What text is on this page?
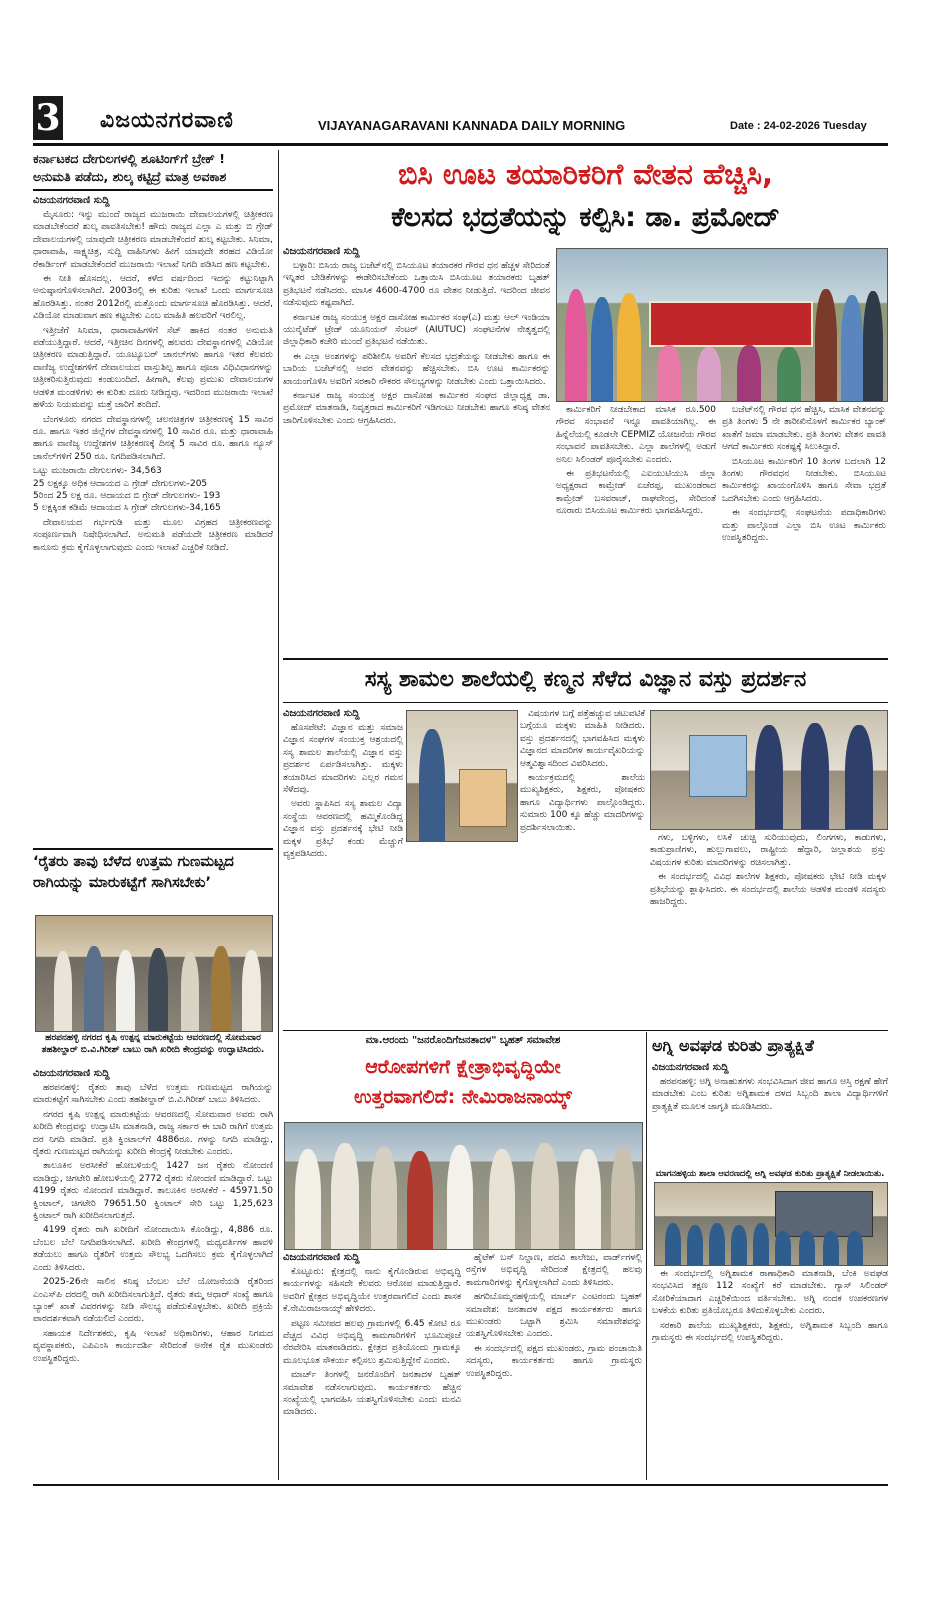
3 ವಿಜಯನಗರವಾಣಿ	VIJAYANAGARAVANI KANNADA DAILY MORNING	Date : 24-02-2026 Tuesday
ಕರ್ನಾಟಕದ ದೇಗುಲಗಳಲ್ಲಿ ಶೂಟಿಂಗ್‌ಗೆ ಬ್ರೇಕ್ !
ಅನುಮತಿ ಪಡೆದು, ಶುಲ್ಕ ಕಟ್ಟಿದ್ರೆ ಮಾತ್ರ ಅವಕಾಶ
ವಿಜಯನಗರವಾಣಿ ಸುದ್ದಿ

ಮೈಸೂರು: ಇನ್ನು ಮುಂದೆ ರಾಜ್ಯದ ಮುಜರಾಯಿ ದೇವಾಲಯಗಳಲ್ಲಿ ಚಿತ್ರೀಕರಣ ಮಾಡಬೇಕೆಂದರೆ ಶುಲ್ಕ ಪಾವತಿಸಬೇಕು! ಹೌದು ರಾಜ್ಯದ ಎಲ್ಲಾ ಎ ಮತ್ತು ಬಿ ಗ್ರೇಡ್ ದೇವಾಲಯಗಳಲ್ಲಿ ಯಾವುದೇ ಚಿತ್ರೀಕರಣ ಮಾಡಬೇಕೆಂದರೆ ಶುಲ್ಕ ಕಟ್ಟಬೇಕು. ಸಿನಿಮಾ, ಧಾರಾವಾಹಿ, ಸಾಕ್ಷ್ಯಚಿತ್ರ, ಸುದ್ದಿ ವಾಹಿನಿಗಳು ಹೀಗೆ ಯಾವುದೇ ತರಹದ ವಿಡಿಯೋ ರೆಕಾರ್ಡಿಂಗ್ ಮಾಡಬೇಕೆಂದರೆ ಮುಜರಾಯಿ ಇಲಾಖೆ ನಿಗದಿ ಪಡಿಸಿದ ಹಣ ಕಟ್ಟಬೇಕು.

ಈ ನೀತಿ ಹೊಸದಲ್ಲ. ಆದರೆ, ಕಳೆದ ವರ್ಷದಿಂದ ಇದನ್ನು ಕಟ್ಟುನಿಟ್ಟಾಗಿ ಅನುಷ್ಠಾನಗೊಳಿಸಲಾಗಿದೆ. 2003ರಲ್ಲಿ ಈ ಕುರಿತು ಇಲಾಖೆ ಒಂದು ಮಾರ್ಗಸೂಚಿ ಹೊರಡಿಸಿತ್ತು. ನಂತರ 2012ರಲ್ಲಿ ಮತ್ತೊಂದು ಮಾರ್ಗಸೂಚಿ ಹೊರಡಿಸಿತ್ತು. ಆದರೆ, ವಿಡಿಯೋ ಮಾಡುವಾಗ ಹಣ ಕಟ್ಟಬೇಕು ಎಂಬ ಮಾಹಿತಿ ಹಲವರಿಗೆ ಇರಲಿಲ್ಲ.

ಇತ್ತೀಚೆಗೆ ಸಿನಿಮಾ, ಧಾರಾವಾಹಿಗಳಿಗೆ ಸೆಟ್ ಹಾಕಿದ ನಂತರ ಅನುಮತಿ ಪಡೆಯುತ್ತಿದ್ದಾರೆ. ಆದರೆ, ಇತ್ತೀಚಿನ ದಿನಗಳಲ್ಲಿ ಹಲವರು ದೇವಸ್ಥಾನಗಳಲ್ಲಿ ವಿಡಿಯೋ ಚಿತ್ರೀಕರಣ ಮಾಡುತ್ತಿದ್ದಾರೆ. ಯೂಟ್ಯೂಬರ್ ಚಾನಲ್‌ಗಳು ಹಾಗೂ ಇತರ ಕೆಲವರು ವಾಣಿಜ್ಯ ಉದ್ದೇಶಗಳಿಗೆ ದೇವಾಲಯದ ವಾಸ್ತುಶಿಲ್ಪ ಹಾಗೂ ಪೂಜಾ ವಿಧಿವಿಧಾನಗಳನ್ನು ಚಿತ್ರೀಕರಿಸುತ್ತಿರುವುದು ಕಂಡುಬಂದಿದೆ. ಹೀಗಾಗಿ, ಕೆಲವು ಪ್ರಮುಖ ದೇವಾಲಯಗಳ ಆಡಳಿತ ಮಂಡಳಿಗಳು ಈ ಕುರಿತು ದೂರು ನೀಡಿದ್ದವು. ಇದರಿಂದ ಮುಜರಾಯಿ ಇಲಾಖೆ ಹಳೆಯ ನಿಯಮವನ್ನು ಮತ್ತೆ ಜಾರಿಗೆ ತಂದಿದೆ.

ಬೆಂಗಳೂರು ನಗರದ ದೇವಸ್ಥಾನಗಳಲ್ಲಿ ಚಲನಚಿತ್ರಗಳ ಚಿತ್ರೀಕರಣಕ್ಕೆ 15 ಸಾವಿರ ರೂ. ಹಾಗೂ ಇತರ ಜಿಲ್ಲೆಗಳ ದೇವಸ್ಥಾನಗಳಲ್ಲಿ 10 ಸಾವಿರ ರೂ. ಮತ್ತು ಧಾರಾವಾಹಿ ಹಾಗೂ ವಾಣಿಜ್ಯ ಉದ್ದೇಶಗಳ ಚಿತ್ರೀಕರಣಕ್ಕೆ ದಿನಕ್ಕೆ 5 ಸಾವಿರ ರೂ. ಹಾಗೂ ನ್ಯೂಸ್ ಚಾನೆಲ್‌ಗಳಿಗೆ 250 ರೂ. ನಿಗದಿಪಡಿಸಲಾಗಿದೆ.

ಒಟ್ಟು ಮುಜರಾಯಿ ದೇಗುಲಗಳು- 34,563

25 ಲಕ್ಷಕ್ಕೂ ಅಧಿಕ ಆದಾಯದ ಎ ಗ್ರೇಡ್ ದೇಗುಲಗಳು-205

5ರಿಂದ 25 ಲಕ್ಷ ರೂ. ಆದಾಯದ ಬಿ ಗ್ರೇಡ್ ದೇಗುಲಗಳು- 193

5 ಲಕ್ಷಕ್ಕಿಂತ ಕಡಿಮೆ ಆದಾಯದ ಸಿ ಗ್ರೇಡ್ ದೇಗುಲಗಳು-34,165

ದೇವಾಲಯದ ಗರ್ಭಗುಡಿ ಮತ್ತು ಮೂಲ ವಿಗ್ರಹದ ಚಿತ್ರೀಕರಣವನ್ನು ಸಂಪೂರ್ಣವಾಗಿ ನಿಷೇಧಿಸಲಾಗಿದೆ. ಅನುಮತಿ ಪಡೆಯದೇ ಚಿತ್ರೀಕರಣ ಮಾಡಿದರೆ ಕಾನೂನು ಕ್ರಮ ಕೈಗೊಳ್ಳಲಾಗುವುದು ಎಂದು ಇಲಾಖೆ ಎಚ್ಚರಿಕೆ ನೀಡಿದೆ.

‘ರೈತರು ತಾವು ಬೆಳೆದ ಉತ್ತಮ ಗುಣಮಟ್ಟದ ರಾಗಿಯನ್ನು ಮಾರುಕಟ್ಟೆಗೆ ಸಾಗಿಸಬೇಕು’
ಹರಪನಹಳ್ಳಿ ನಗರದ ಕೃಷಿ ಉತ್ಪನ್ನ ಮಾರುಕಟ್ಟೆಯ ಆವರಣದಲ್ಲಿ ಸೋಮವಾರ ತಹಶೀಲ್ದಾರ್ ಬಿ.ವಿ.ಗಿರೀಶ್ ಬಾಬು ರಾಗಿ ಖರೀದಿ ಕೇಂದ್ರವನ್ನು ಉದ್ಘಾಟಿಸಿದರು.
ವಿಜಯನಗರವಾಣಿ ಸುದ್ದಿ

ಹರಪನಹಳ್ಳಿ: ರೈತರು ತಾವು ಬೆಳೆದ ಉತ್ತಮ ಗುಣಮಟ್ಟದ ರಾಗಿಯನ್ನು ಮಾರುಕಟ್ಟೆಗೆ ಸಾಗಿಸಬೇಕು ಎಂದು ತಹಶೀಲ್ದಾರ್ ಬಿ.ವಿ.ಗಿರೀಶ್ ಬಾಬು ತಿಳಿಸಿದರು.

ನಗರದ ಕೃಷಿ ಉತ್ಪನ್ನ ಮಾರುಕಟ್ಟೆಯ ಆವರಣದಲ್ಲಿ ಸೋಮವಾರ ಅವರು ರಾಗಿ ಖರೀದಿ ಕೇಂದ್ರವನ್ನು ಉದ್ಘಾಟಿಸಿ ಮಾತನಾಡಿ, ರಾಜ್ಯ ಸರ್ಕಾರ ಈ ಬಾರಿ ರಾಗಿಗೆ ಉತ್ತಮ ದರ ನಿಗದಿ ಮಾಡಿದೆ. ಪ್ರತಿ ಕ್ವಿಂಟಾಲ್‌ಗೆ 4886ರೂ. ಗಳನ್ನು ನಿಗದಿ ಮಾಡಿದ್ದು, ರೈತರು ಗುಣಮಟ್ಟದ ರಾಗಿಯನ್ನು ಖರೀದಿ ಕೇಂದ್ರಕ್ಕೆ ನೀಡಬೇಕು ಎಂದರು.

ತಾಲೂಕಿನ ಅರಸೀಕೆರೆ ಹೋಬಳಿಯಲ್ಲಿ 1427 ಜನ ರೈತರು ನೋಂದಣಿ ಮಾಡಿದ್ದು, ಚಿಗಟೇರಿ ಹೋಬಳಿಯಲ್ಲಿ 2772 ರೈತರು ನೋಂದಣಿ ಮಾಡಿದ್ದಾರೆ. ಒಟ್ಟು 4199 ರೈತರು ನೋಂದಣಿ ಮಾಡಿದ್ದಾರೆ. ತಾಲೂಕಿನ ಅರಸೀಕೆರೆ - 45971.50 ಕ್ವಿಂಟಾಲ್, ಚಿಗಟೇರಿ 79651.50 ಕ್ವಿಂಟಾಲ್ ಸೇರಿ ಒಟ್ಟು 1,25,623 ಕ್ವಿಂಟಾಲ್ ರಾಗಿ ಖರೀದಿಸಲಾಗುತ್ತದೆ.

4199 ರೈತರು ರಾಗಿ ಖರೀದಿಗೆ ನೋಂದಾಯಿಸಿ ಕೊಂಡಿದ್ದು, 4,886 ರೂ. ಬೆಂಬಲ ಬೆಲೆ ನಿಗದಿಪಡಿಸಲಾಗಿದೆ. ಖರೀದಿ ಕೇಂದ್ರಗಳಲ್ಲಿ ಮಧ್ಯವರ್ತಿಗಳ ಹಾವಳಿ ತಡೆಯಲು ಹಾಗೂ ರೈತರಿಗೆ ಉತ್ತಮ ಸೌಲಭ್ಯ ಒದಗಿಸಲು ಕ್ರಮ ಕೈಗೊಳ್ಳಲಾಗಿದೆ ಎಂದು ತಿಳಿಸಿದರು.

2025-26ನೇ ಸಾಲಿನ ಕನಿಷ್ಠ ಬೆಂಬಲ ಬೆಲೆ ಯೋಜನೆಯಡಿ ರೈತರಿಂದ ಎಂಎಸ್‌ಪಿ ದರದಲ್ಲಿ ರಾಗಿ ಖರೀದಿಸಲಾಗುತ್ತಿದೆ. ರೈತರು ತಮ್ಮ ಆಧಾರ್ ಸಂಖ್ಯೆ ಹಾಗೂ ಬ್ಯಾಂಕ್ ಖಾತೆ ವಿವರಗಳನ್ನು ನೀಡಿ ಸೌಲಭ್ಯ ಪಡೆದುಕೊಳ್ಳಬೇಕು. ಖರೀದಿ ಪ್ರಕ್ರಿಯೆ ಪಾರದರ್ಶಕವಾಗಿ ನಡೆಯಲಿದೆ ಎಂದರು.

ಸಹಾಯಕ ನಿರ್ದೇಶಕರು, ಕೃಷಿ ಇಲಾಖೆ ಅಧಿಕಾರಿಗಳು, ಆಹಾರ ನಿಗಮದ ವ್ಯವಸ್ಥಾಪಕರು, ಎಪಿಎಂಸಿ ಕಾರ್ಯದರ್ಶಿ ಸೇರಿದಂತೆ ಅನೇಕ ರೈತ ಮುಖಂಡರು ಉಪಸ್ಥಿತರಿದ್ದರು.

ಬಿಸಿ ಊಟ ತಯಾರಿಕರಿಗೆ ವೇತನ ಹೆಚ್ಚಿಸಿ,
ಕೆಲಸದ ಭದ್ರತೆಯನ್ನು ಕಲ್ಪಿಸಿ: ಡಾ. ಪ್ರಮೋದ್
ವಿಜಯನಗರವಾಣಿ ಸುದ್ದಿ

ಬಳ್ಳಾರಿ: ಬಿಸಿಯ ರಾಜ್ಯ ಬಜೆಟ್‌ನಲ್ಲಿ ಬಿಸಿಯೂಟ ತಯಾರಕರ ಗೌರವ ಧನ ಹೆಚ್ಚಳ ಸೇರಿದಂತೆ ಇನ್ನಿತರ ಬೇಡಿಕೆಗಳನ್ನು ಈಡೇರಿಸಬೇಕೆಂದು ಒತ್ತಾಯಿಸಿ ಬಿಸಿಯೂಟ ತಯಾರಕರು ಬೃಹತ್ ಪ್ರತಿಭಟನೆ ನಡೆಸಿದರು. ಮಾಸಿಕ 4600-4700 ರೂ ವೇತನ ನೀಡುತ್ತಿದೆ. ಇದರಿಂದ ಜೀವನ ನಡೆಸುವುದು ಕಷ್ಟವಾಗಿದೆ.

ಕರ್ನಾಟಕ ರಾಜ್ಯ ಸಂಯುಕ್ತ ಅಕ್ಷರ ದಾಸೋಹ ಕಾರ್ಮಿಕರ ಸಂಘ(ಎ) ಮತ್ತು ಆಲ್ ಇಂಡಿಯಾ ಯುನೈಟೆಡ್ ಟ್ರೇಡ್ ಯೂನಿಯನ್ ಸೆಂಟರ್ (AIUTUC) ಸಂಘಟನೆಗಳ ನೇತೃತ್ವದಲ್ಲಿ ಜಿಲ್ಲಾಧಿಕಾರಿ ಕಚೇರಿ ಮುಂದೆ ಪ್ರತಿಭಟನೆ ನಡೆಯಿತು.

ಈ ಎಲ್ಲಾ ಅಂಶಗಳನ್ನು ಪರಿಶೀಲಿಸಿ ಅವರಿಗೆ ಕೆಲಸದ ಭದ್ರತೆಯನ್ನು ನೀಡಬೇಕು ಹಾಗೂ ಈ ಬಾರಿಯ ಬಜೆಟ್‌ನಲ್ಲಿ ಅವರ ವೇತನವನ್ನು ಹೆಚ್ಚಿಸಬೇಕು. ಬಿಸಿ ಊಟ ಕಾರ್ಮಿಕರನ್ನು ಖಾಯಂಗೊಳಿಸಿ ಅವರಿಗೆ ಸರಕಾರಿ ನೌಕರರ ಸೌಲಭ್ಯಗಳನ್ನು ನೀಡಬೇಕು ಎಂದು ಒತ್ತಾಯಿಸಿದರು.

ಕರ್ನಾಟಕ ರಾಜ್ಯ ಸಂಯುಕ್ತ ಅಕ್ಷರ ದಾಸೋಹ ಕಾರ್ಮಿಕರ ಸಂಘದ ಜಿಲ್ಲಾಧ್ಯಕ್ಷ ಡಾ. ಪ್ರಮೋದ್ ಮಾತನಾಡಿ, ನಿವೃತ್ತರಾದ ಕಾರ್ಮಿಕರಿಗೆ ಇಡಿಗಂಟು ನೀಡಬೇಕು ಹಾಗೂ ಕನಿಷ್ಠ ವೇತನ ಜಾರಿಗೊಳಿಸಬೇಕು ಎಂದು ಆಗ್ರಹಿಸಿದರು.

ಕಾರ್ಮಿಕರಿಗೆ ನೀಡಬೇಕಾದ ಮಾಸಿಕ ರೂ.500 ಗೌರವ ಸಂಭಾವನೆ ಇನ್ನೂ ಪಾವತಿಯಾಗಿಲ್ಲ. ಈ ಹಿನ್ನೆಲೆಯಲ್ಲಿ ಕೂಡಲೇ CEPMIZ ಯೋಜನೆಯ ಗೌರವ ಸಂಭಾವನೆ ಪಾವತಿಸಬೇಕು. ಎಲ್ಲಾ ಶಾಲೆಗಳಲ್ಲಿ ಅಡುಗೆ ಅನಿಲ ಸಿಲಿಂಡರ್ ಪೂರೈಸಬೇಕು ಎಂದರು.

ಈ ಪ್ರತಿಭಟನೆಯಲ್ಲಿ ಎಐಯುಟಿಯುಸಿ ಜಿಲ್ಲಾ ಅಧ್ಯಕ್ಷರಾದ ಕಾಮ್ರೇಡ್ ಏಚೆರಪ್ಪ, ಮುಖಂಡರಾದ ಕಾಮ್ರೇಡ್ ಬಸವರಾಜ್, ರಾಘವೇಂದ್ರ, ಸೇರಿದಂತೆ ನೂರಾರು ಬಿಸಿಯೂಟ ಕಾರ್ಮಿಕರು ಭಾಗವಹಿಸಿದ್ದರು.

ಬಜೆಟ್‌ನಲ್ಲಿ ಗೌರವ ಧನ ಹೆಚ್ಚಿಸಿ, ಮಾಸಿಕ ವೇತನವನ್ನು ಪ್ರತಿ ತಿಂಗಳು 5 ನೇ ತಾರೀಖಿನೊಳಗೆ ಕಾರ್ಮಿಕರ ಬ್ಯಾಂಕ್ ಖಾತೆಗೆ ಜಮಾ ಮಾಡಬೇಕು. ಪ್ರತಿ ತಿಂಗಳು ವೇತನ ಪಾವತಿ ಆಗದೆ ಕಾರ್ಮಿಕರು ಸಂಕಷ್ಟಕ್ಕೆ ಸಿಲುಕಿದ್ದಾರೆ.

ಬಿಸಿಯೂಟ ಕಾರ್ಮಿಕರಿಗೆ 10 ತಿಂಗಳ ಬದಲಾಗಿ 12 ತಿಂಗಳು ಗೌರವಧನ ನೀಡಬೇಕು. ಬಿಸಿಯೂಟ ಕಾರ್ಮಿಕರನ್ನು ಖಾಯಂಗೊಳಿಸಿ ಹಾಗೂ ಸೇವಾ ಭದ್ರತೆ ಒದಗಿಸಬೇಕು ಎಂದು ಆಗ್ರಹಿಸಿದರು.

ಈ ಸಂದರ್ಭದಲ್ಲಿ ಸಂಘಟನೆಯ ಪದಾಧಿಕಾರಿಗಳು ಮತ್ತು ಪಾಲ್ಗೊಂಡ ಎಲ್ಲಾ ಬಿಸಿ ಊಟ ಕಾರ್ಮಿಕರು ಉಪಸ್ಥಿತರಿದ್ದರು.

ಸಸ್ಯ ಶಾಮಲ ಶಾಲೆಯಲ್ಲಿ ಕಣ್ಮನ ಸೆಳೆದ ವಿಜ್ಞಾನ ವಸ್ತು ಪ್ರದರ್ಶನ
ವಿಜಯನಗರವಾಣಿ ಸುದ್ದಿ

ಹೊಸಪೇಟೆ: ವಿಜ್ಞಾನ ಮತ್ತು ಸಮಾಜ ವಿಜ್ಞಾನ ಸಂಘಗಳ ಸಂಯುಕ್ತ ಆಶ್ರಯದಲ್ಲಿ ಸಸ್ಯ ಶಾಮಲ ಶಾಲೆಯಲ್ಲಿ ವಿಜ್ಞಾನ ವಸ್ತು ಪ್ರದರ್ಶನ ಏರ್ಪಡಿಸಲಾಗಿತ್ತು. ಮಕ್ಕಳು ತಯಾರಿಸಿದ ಮಾದರಿಗಳು ಎಲ್ಲರ ಗಮನ ಸೆಳೆದವು.

ಅವರು ಸ್ಥಾಪಿಸಿದ ಸಸ್ಯ ಶಾಮಲ ವಿದ್ಯಾ ಸಂಸ್ಥೆಯ ಆವರಣದಲ್ಲಿ ಹಮ್ಮಿಕೊಂಡಿದ್ದ ವಿಜ್ಞಾನ ವಸ್ತು ಪ್ರದರ್ಶನಕ್ಕೆ ಭೇಟಿ ನೀಡಿ ಮಕ್ಕಳ ಪ್ರತಿಭೆ ಕಂಡು ಮೆಚ್ಚುಗೆ ವ್ಯಕ್ತಪಡಿಸಿದರು.

ವಿಷಯಗಳ ಬಗ್ಗೆ ಪತ್ತೆಹಚ್ಚುವ ಚಟುವಟಿಕೆ ಬಗ್ಗೆಯೂ ಮಕ್ಕಳು ಮಾಹಿತಿ ನೀಡಿದರು. ವಸ್ತು ಪ್ರದರ್ಶನದಲ್ಲಿ ಭಾಗವಹಿಸಿದ ಮಕ್ಕಳು ವಿಜ್ಞಾನದ ಮಾದರಿಗಳ ಕಾರ್ಯವೈಖರಿಯನ್ನು ಆತ್ಮವಿಶ್ವಾಸದಿಂದ ವಿವರಿಸಿದರು.

ಕಾರ್ಯಕ್ರಮದಲ್ಲಿ ಶಾಲೆಯ ಮುಖ್ಯಶಿಕ್ಷಕರು, ಶಿಕ್ಷಕರು, ಪೋಷಕರು ಹಾಗೂ ವಿದ್ಯಾರ್ಥಿಗಳು ಪಾಲ್ಗೊಂಡಿದ್ದರು. ಸುಮಾರು 100 ಕ್ಕೂ ಹೆಚ್ಚು ಮಾದರಿಗಳನ್ನು ಪ್ರದರ್ಶಿಸಲಾಯಿತು.

ಗಳು, ಬಳ್ಳಿಗಳು, ಲಸಿಕೆ ಚುಚ್ಚಿ ಸುರಿಯುವುದು, ಲಿಂಗಗಳು, ಕಾಡುಗಳು, ಕಾಡುಪ್ರಾಣಿಗಳು, ಹುಲ್ಲುಗಾವಲು, ರಾಷ್ಟ್ರೀಯ ಹೆದ್ದಾರಿ, ಜಲ್ಲಾಶಯ ಪ್ರಸ್ತು ವಿಷಯಗಳ ಕುರಿತು ಮಾದರಿಗಳನ್ನು ರಚಿಸಲಾಗಿತ್ತು.

ಈ ಸಂದರ್ಭದಲ್ಲಿ ವಿವಿಧ ಶಾಲೆಗಳ ಶಿಕ್ಷಕರು, ಪೋಷಕರು ಭೇಟಿ ನೀಡಿ ಮಕ್ಕಳ ಪ್ರತಿಭೆಯನ್ನು ಶ್ಲಾಘಿಸಿದರು. ಈ ಸಂದರ್ಭದಲ್ಲಿ ಶಾಲೆಯ ಆಡಳಿತ ಮಂಡಳಿ ಸದಸ್ಯರು ಹಾಜರಿದ್ದರು.

ಮಾ.ಆರಂದು "ಜನರೊಂದಿಗೆಜನತಾದಳ" ಬೃಹತ್ ಸಮಾವೇಶ
ಆರೋಪಗಳಿಗೆ ಕ್ಷೇತ್ರಾಭಿವೃದ್ಧಿಯೇ
ಉತ್ತರವಾಗಲಿದೆ: ನೇಮಿರಾಜನಾಯ್ಕ್
ವಿಜಯನಗರವಾಣಿ ಸುದ್ದಿ

ಕೊಟ್ಟೂರು: ಕ್ಷೇತ್ರದಲ್ಲಿ ನಾನು ಕೈಗೊಂಡಿರುವ ಅಭಿವೃದ್ಧಿ ಕಾರ್ಯಗಳನ್ನು ಸಹಿಸದೇ ಕೆಲವರು ಆರೋಪ ಮಾಡುತ್ತಿದ್ದಾರೆ. ಅವರಿಗೆ ಕ್ಷೇತ್ರದ ಅಭಿವೃದ್ಧಿಯೇ ಉತ್ತರವಾಗಲಿದೆ ಎಂದು ಶಾಸಕ ಕೆ.ನೇಮಿರಾಜನಾಯ್ಕ್ ಹೇಳಿದರು.

ಪಟ್ಟಣ ಸಮೀಪದ ಹಲವು ಗ್ರಾಮಗಳಲ್ಲಿ 6.45 ಕೋಟಿ ರೂ ವೆಚ್ಚದ ವಿವಿಧ ಅಭಿವೃದ್ಧಿ ಕಾಮಗಾರಿಗಳಿಗೆ ಭೂಮಿಪೂಜೆ ನೆರವೇರಿಸಿ ಮಾತನಾಡಿದರು. ಕ್ಷೇತ್ರದ ಪ್ರತಿಯೊಂದು ಗ್ರಾಮಕ್ಕೂ ಮೂಲಭೂತ ಸೌಕರ್ಯ ಕಲ್ಪಿಸಲು ಶ್ರಮಿಸುತ್ತಿದ್ದೇನೆ ಎಂದರು.

ಮಾರ್ಚ್ ತಿಂಗಳಲ್ಲಿ ಜನರೊಂದಿಗೆ ಜನತಾದಳ ಬೃಹತ್ ಸಮಾವೇಶ ನಡೆಸಲಾಗುವುದು. ಕಾರ್ಯಕರ್ತರು ಹೆಚ್ಚಿನ ಸಂಖ್ಯೆಯಲ್ಲಿ ಭಾಗವಹಿಸಿ ಯಶಸ್ವಿಗೊಳಿಸಬೇಕು ಎಂದು ಮನವಿ ಮಾಡಿದರು.

ಹೈಟೆಕ್ ಬಸ್ ನಿಲ್ದಾಣ, ಪದವಿ ಕಾಲೇಜು, ವಾರ್ಡ್‌ಗಳಲ್ಲಿ ರಸ್ತೆಗಳ ಅಭಿವೃದ್ಧಿ ಸೇರಿದಂತೆ ಕ್ಷೇತ್ರದಲ್ಲಿ ಹಲವು ಕಾಮಗಾರಿಗಳನ್ನು ಕೈಗೊಳ್ಳಲಾಗಿದೆ ಎಂದು ತಿಳಿಸಿದರು.

ಹಗರಿಬೊಮ್ಮನಹಳ್ಳಿಯಲ್ಲಿ ಮಾರ್ಚ್ ಎಂಟರಂದು ಬೃಹತ್ ಸಮಾವೇಶ: ಜನತಾದಳ ಪಕ್ಷದ ಕಾರ್ಯಕರ್ತರು ಹಾಗೂ ಮುಖಂಡರು ಒಟ್ಟಾಗಿ ಶ್ರಮಿಸಿ ಸಮಾವೇಶವನ್ನು ಯಶಸ್ವಿಗೊಳಿಸಬೇಕು ಎಂದರು.

ಈ ಸಂದರ್ಭದಲ್ಲಿ ಪಕ್ಷದ ಮುಖಂಡರು, ಗ್ರಾಮ ಪಂಚಾಯಿತಿ ಸದಸ್ಯರು, ಕಾರ್ಯಕರ್ತರು ಹಾಗೂ ಗ್ರಾಮಸ್ಥರು ಉಪಸ್ಥಿತರಿದ್ದರು.

ಅಗ್ನಿ ಅವಘಡ ಕುರಿತು ಪ್ರಾತ್ಯಕ್ಷಿತೆ
ವಿಜಯನಗರವಾಣಿ ಸುದ್ದಿ

ಹರಪನಹಳ್ಳಿ: ಅಗ್ನಿ ಅನಾಹುತಗಳು ಸಂಭವಿಸಿದಾಗ ಜೀವ ಹಾಗೂ ಆಸ್ತಿ ರಕ್ಷಣೆ ಹೇಗೆ ಮಾಡಬೇಕು ಎಂಬ ಕುರಿತು ಅಗ್ನಿಶಾಮಕ ದಳದ ಸಿಬ್ಬಂದಿ ಶಾಲಾ ವಿದ್ಯಾರ್ಥಿಗಳಿಗೆ ಪ್ರಾತ್ಯಕ್ಷಿತೆ ಮೂಲಕ ಜಾಗೃತಿ ಮೂಡಿಸಿದರು.

ಮಾಗನಹಳ್ಳಿಯ ಶಾಲಾ ಆವರಣದಲ್ಲಿ ಅಗ್ನಿ ಅವಘಡ ಕುರಿತು ಪ್ರಾತ್ಯಕ್ಷಿತೆ ನೀಡಲಾಯಿತು.

ಈ ಸಂದರ್ಭದಲ್ಲಿ ಅಗ್ನಿಶಾಮಕ ಠಾಣಾಧಿಕಾರಿ ಮಾತನಾಡಿ, ಬೆಂಕಿ ಅವಘಡ ಸಂಭವಿಸಿದ ತಕ್ಷಣ 112 ಸಂಖ್ಯೆಗೆ ಕರೆ ಮಾಡಬೇಕು. ಗ್ಯಾಸ್ ಸಿಲಿಂಡರ್ ಸೋರಿಕೆಯಾದಾಗ ಎಚ್ಚರಿಕೆಯಿಂದ ವರ್ತಿಸಬೇಕು. ಅಗ್ನಿ ನಂದಕ ಉಪಕರಣಗಳ ಬಳಕೆಯ ಕುರಿತು ಪ್ರತಿಯೊಬ್ಬರೂ ತಿಳಿದುಕೊಳ್ಳಬೇಕು ಎಂದರು.

ಸರಕಾರಿ ಶಾಲೆಯ ಮುಖ್ಯಶಿಕ್ಷಕರು, ಶಿಕ್ಷಕರು, ಅಗ್ನಿಶಾಮಕ ಸಿಬ್ಬಂದಿ ಹಾಗೂ ಗ್ರಾಮಸ್ಥರು ಈ ಸಂದರ್ಭದಲ್ಲಿ ಉಪಸ್ಥಿತರಿದ್ದರು.
